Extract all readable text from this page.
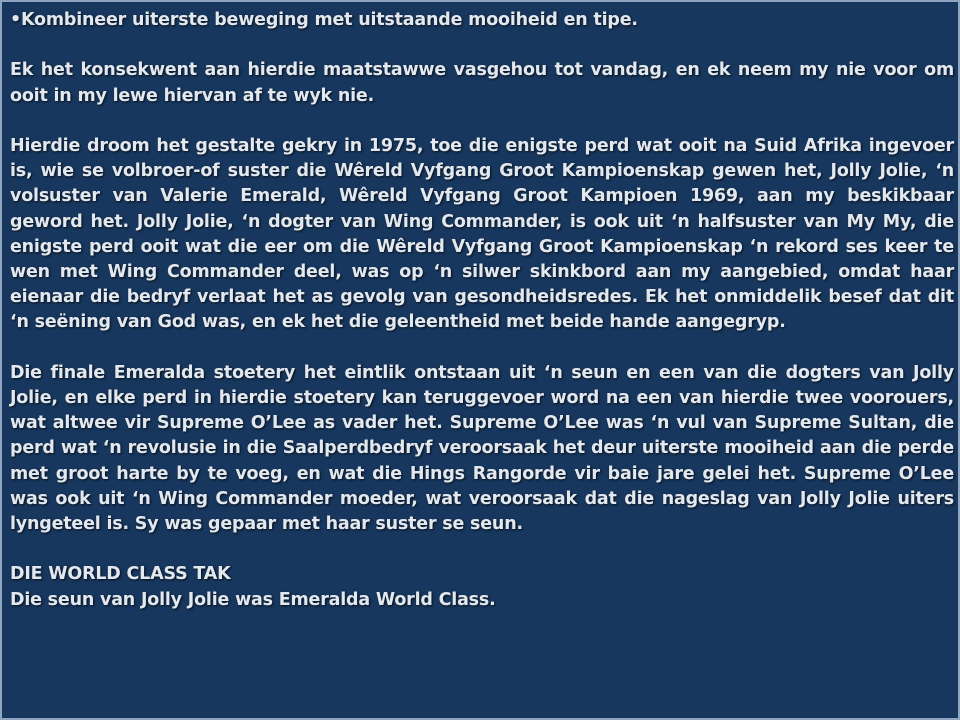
•Kombineer uiterste beweging met uitstaande mooiheid en tipe.

Ek het konsekwent aan hierdie maatstawwe vasgehou tot vandag, en ek neem my nie voor om ooit in my lewe hiervan af te wyk nie.

Hierdie droom het gestalte gekry in 1975, toe die enigste perd wat ooit na Suid Afrika ingevoer is, wie se volbroer-of suster die Wêreld Vyfgang Groot Kampioenskap gewen het, Jolly Jolie, ‘n volsuster van Valerie Emerald, Wêreld Vyfgang Groot Kampioen 1969, aan my beskikbaar geword het. Jolly Jolie, ‘n dogter van Wing Commander, is ook uit ‘n halfsuster van My My, die enigste perd ooit wat die eer om die Wêreld Vyfgang Groot Kampioenskap ‘n rekord ses keer te wen met Wing Commander deel, was op ‘n silwer skinkbord aan my aangebied, omdat haar eienaar die bedryf verlaat het as gevolg van gesondheidsredes. Ek het onmiddelik besef dat dit ‘n seëning van God was, en ek het die geleentheid met beide hande aangegryp.

Die finale Emeralda stoetery het eintlik ontstaan uit ‘n seun en een van die dogters van Jolly Jolie, en elke perd in hierdie stoetery kan teruggevoer word na een van hierdie twee voorouers, wat altwee vir Supreme O’Lee as vader het. Supreme O’Lee was ‘n vul van Supreme Sultan, die perd wat ‘n revolusie in die Saalperdbedryf veroorsaak het deur uiterste mooiheid aan die perde met groot harte by te voeg, en wat die Hings Rangorde vir baie jare gelei het. Supreme O’Lee was ook uit ‘n Wing Commander moeder, wat veroorsaak dat die nageslag van Jolly Jolie uiters lyngeteel is. Sy was gepaar met haar suster se seun.

DIE WORLD CLASS TAK
Die seun van Jolly Jolie was Emeralda World Class.
